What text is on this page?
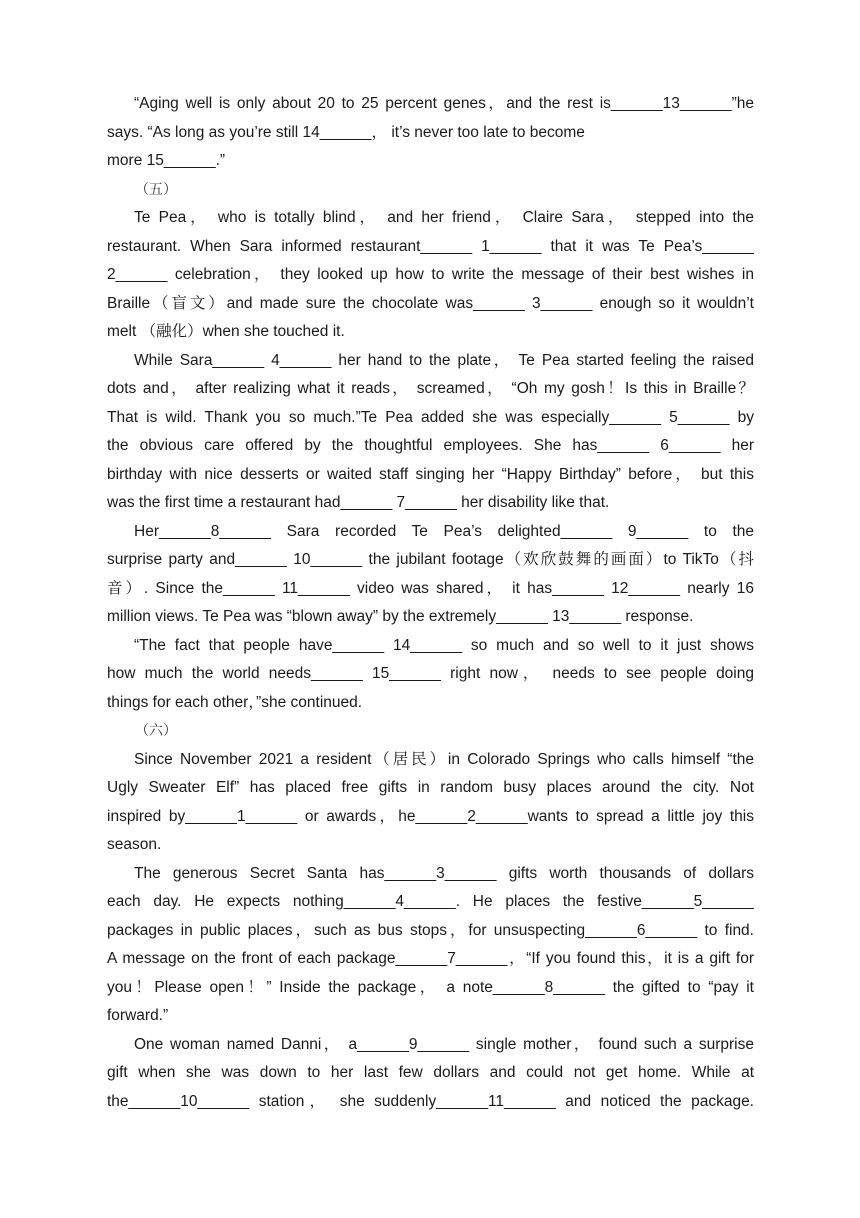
“Aging well is only about 20 to 25 percent genes，and the rest is______13______”he
says. “As long as you’re still 14______， it’s never too late to become
more 15______.”
（五）
Te Pea， who is totally blind， and her friend， Claire Sara， stepped into the
restaurant. When Sara informed restaurant______ 1______ that it was Te Pea’s______
2______ celebration， they looked up how to write the message of their best wishes in
Braille（盲文）and made sure the chocolate was______ 3______ enough so it wouldn’t
melt （融化）when she touched it.
While Sara______ 4______ her hand to the plate， Te Pea started feeling the raised
dots and， after realizing what it reads， screamed， “Oh my gosh！Is this in Braille？
That is wild. Thank you so much.”Te Pea added she was especially______ 5______ by
the obvious care offered by the thoughtful employees. She has______ 6______ her
birthday with nice desserts or waited staff singing her “Happy Birthday” before， but this
was the first time a restaurant had______ 7______ her disability like that.
Her______8______ Sara recorded Te Pea’s delighted______ 9______ to the
surprise party and______ 10______ the jubilant footage（欢欣鼓舞的画面）to TikTo（抖
音）. Since the______ 11______ video was shared， it has______ 12______ nearly 16
million views. Te Pea was “blown away” by the extremely______ 13______ response.
“The fact that people have______ 14______ so much and so well to it just shows
how much the world needs______ 15______ right now， needs to see people doing
things for each other，”she continued.
（六）
Since November 2021 a resident（居民）in Colorado Springs who calls himself “the
Ugly Sweater Elf” has placed free gifts in random busy places around the city. Not
inspired by______1______ or awards，he______2______wants to spread a little joy this
season.
The generous Secret Santa has______3______ gifts worth thousands of dollars
each day. He expects nothing______4______. He places the festive______5______
packages in public places，such as bus stops，for unsuspecting______6______ to find.
A message on the front of each package______7______，“If you found this，it is a gift for
you！Please open！” Inside the package， a note______8______ the gifted to “pay it
forward.”
One woman named Danni， a______9______ single mother， found such a surprise
gift when she was down to her last few dollars and could not get home. While at
the______10______ station， she suddenly______11______ and noticed the package.
